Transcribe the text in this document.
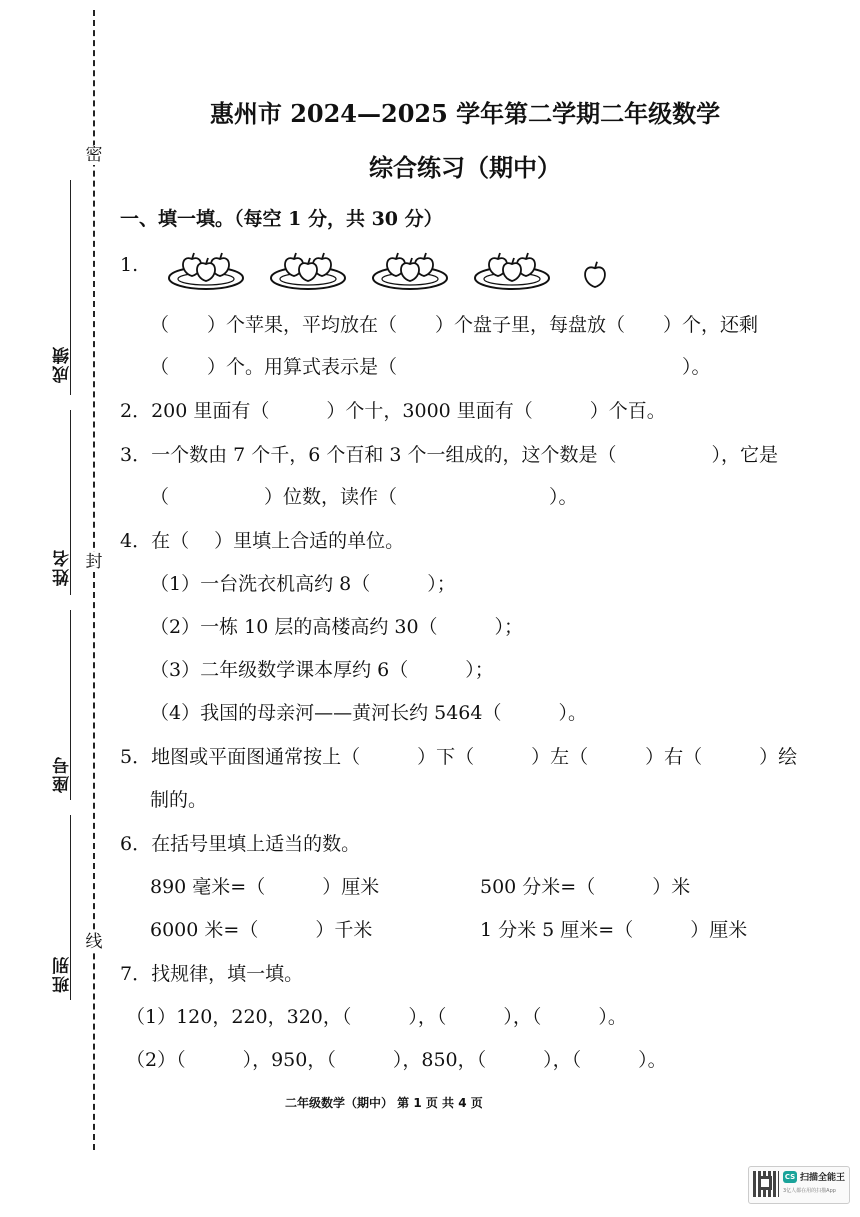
密
封
线
成绩
姓名
座号
班别
惠州市 2024—2025 学年第二学期二年级数学
综合练习（期中）
一、填一填。（每空 1 分，共 30 分）
1.
（　　）个苹果，平均放在（　　）个盘子里，每盘放（　　）个，还剩
（　　）个。用算式表示是（　　　　　　　　　　　　　　　）。
2．200 里面有（　　　）个十，3000 里面有（　　　）个百。
3．一个数由 7 个千，6 个百和 3 个一组成的，这个数是（　　　　　），它是
（　　　　　）位数，读作（　　　　　　　　）。
4．在（　 ）里填上合适的单位。
（1）一台洗衣机高约 8（　　　）；
（2）一栋 10 层的高楼高约 30（　　　）；
（3）二年级数学课本厚约 6（　　　）；
（4）我国的母亲河——黄河长约 5464（　　　）。
5．地图或平面图通常按上（　　　）下（　　　）左（　　　）右（　　　）绘
制的。
6．在括号里填上适当的数。
890 毫米=（　　　）厘米	500 分米=（　　　）米
6000 米=（　　　）千米	1 分米 5 厘米=（　　　）厘米
7．找规律，填一填。
（1）120，220，320，（　　　），（　　　），（　　　）。
（2）（　　　），950，（　　　），850，（　　　），（　　　）。
二年级数学（期中） 第 1 页 共 4 页
CS 扫描全能王
3亿人都在用的扫描App
